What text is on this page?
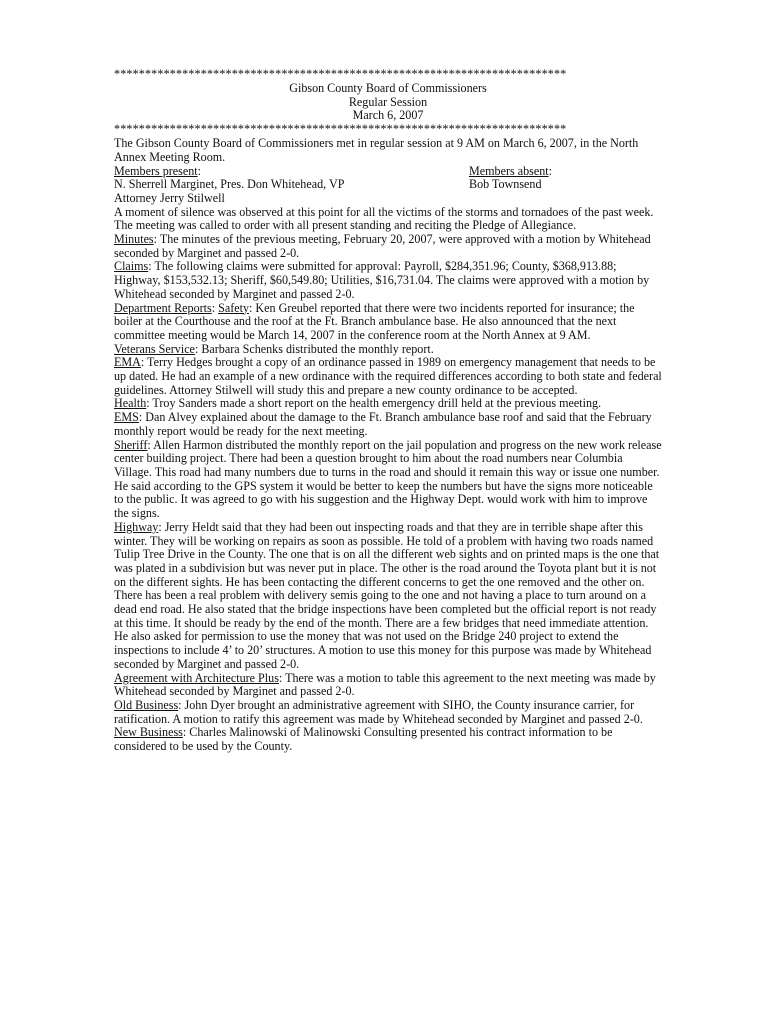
*************************************************************************
Gibson County Board of Commissioners
Regular Session
March 6, 2007
*************************************************************************

The Gibson County Board of Commissioners met in regular session at 9 AM on March 6, 2007, in the North Annex Meeting Room.

Members present:	Members absent:
N. Sherrell Marginet, Pres. Don Whitehead, VP	Bob Townsend
Attorney Jerry Stilwell

A moment of silence was observed at this point for all the victims of the storms and tornadoes of the past week.

The meeting was called to order with all present standing and reciting the Pledge of Allegiance.

Minutes: The minutes of the previous meeting, February 20, 2007, were approved with a motion by Whitehead seconded by Marginet and passed 2-0.

Claims: The following claims were submitted for approval: Payroll, $284,351.96; County, $368,913.88; Highway, $153,532.13; Sheriff, $60,549.80; Utilities, $16,731.04. The claims were approved with a motion by Whitehead seconded by Marginet and passed 2-0.

Department Reports: Safety: Ken Greubel reported that there were two incidents reported for insurance; the boiler at the Courthouse and the roof at the Ft. Branch ambulance base. He also announced that the next committee meeting would be March 14, 2007 in the conference room at the North Annex at 9 AM.

Veterans Service: Barbara Schenks distributed the monthly report.

EMA: Terry Hedges brought a copy of an ordinance passed in 1989 on emergency management that needs to be up dated. He had an example of a new ordinance with the required differences according to both state and federal guidelines. Attorney Stilwell will study this and prepare a new county ordinance to be accepted.

Health: Troy Sanders made a short report on the health emergency drill held at the previous meeting.

EMS: Dan Alvey explained about the damage to the Ft. Branch ambulance base roof and said that the February monthly report would be ready for the next meeting.

Sheriff: Allen Harmon distributed the monthly report on the jail population and progress on the new work release center building project. There had been a question brought to him about the road numbers near Columbia Village. This road had many numbers due to turns in the road and should it remain this way or issue one number. He said according to the GPS system it would be better to keep the numbers but have the signs more noticeable to the public. It was agreed to go with his suggestion and the Highway Dept. would work with him to improve the signs.

Highway: Jerry Heldt said that they had been out inspecting roads and that they are in terrible shape after this winter. They will be working on repairs as soon as possible. He told of a problem with having two roads named Tulip Tree Drive in the County. The one that is on all the different web sights and on printed maps is the one that was plated in a subdivision but was never put in place. The other is the road around the Toyota plant but it is not on the different sights. He has been contacting the different concerns to get the one removed and the other on. There has been a real problem with delivery semis going to the one and not having a place to turn around on a dead end road. He also stated that the bridge inspections have been completed but the official report is not ready at this time. It should be ready by the end of the month. There are a few bridges that need immediate attention. He also asked for permission to use the money that was not used on the Bridge 240 project to extend the inspections to include 4’ to 20’ structures. A motion to use this money for this purpose was made by Whitehead seconded by Marginet and passed 2-0.

Agreement with Architecture Plus: There was a motion to table this agreement to the next meeting was made by Whitehead seconded by Marginet and passed 2-0.

Old Business: John Dyer brought an administrative agreement with SIHO, the County insurance carrier, for ratification. A motion to ratify this agreement was made by Whitehead seconded by Marginet and passed 2-0.

New Business: Charles Malinowski of Malinowski Consulting presented his contract information to be considered to be used by the County.
